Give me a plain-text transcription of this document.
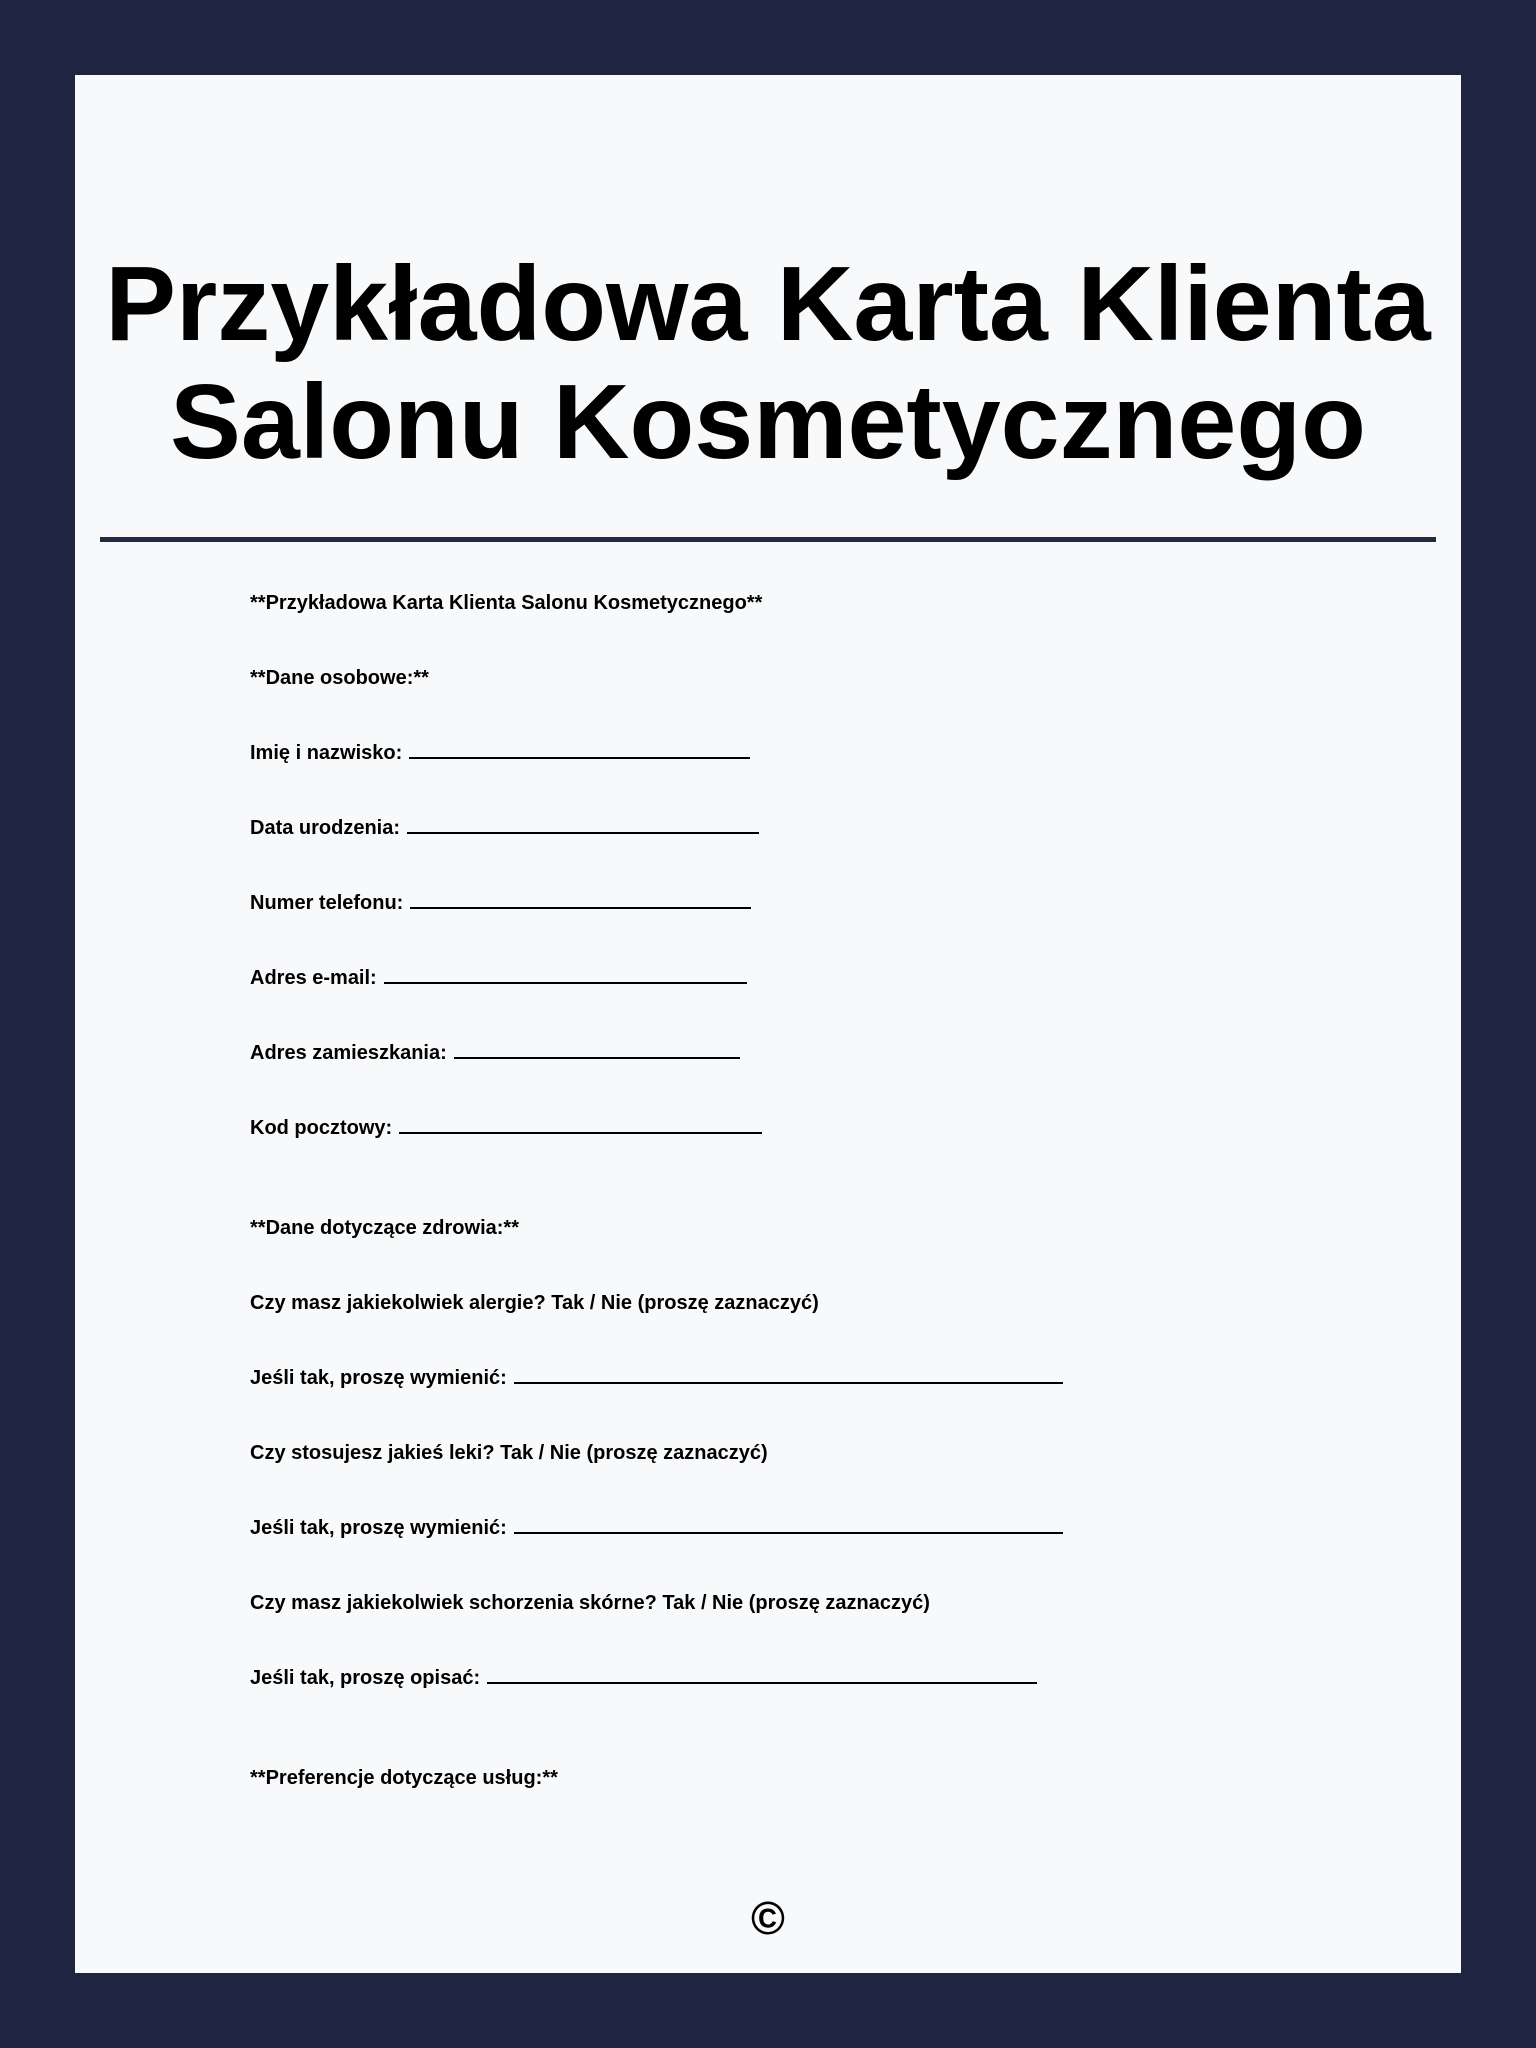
Przykładowa Karta Klienta
Salonu Kosmetycznego
**Przykładowa Karta Klienta Salonu Kosmetycznego**
**Dane osobowe:**
Imię i nazwisko:
Data urodzenia:
Numer telefonu:
Adres e-mail:
Adres zamieszkania:
Kod pocztowy:
**Dane dotyczące zdrowia:**
Czy masz jakiekolwiek alergie? Tak / Nie (proszę zaznaczyć)
Jeśli tak, proszę wymienić:
Czy stosujesz jakieś leki? Tak / Nie (proszę zaznaczyć)
Jeśli tak, proszę wymienić:
Czy masz jakiekolwiek schorzenia skórne? Tak / Nie (proszę zaznaczyć)
Jeśli tak, proszę opisać:
**Preferencje dotyczące usług:**
©
